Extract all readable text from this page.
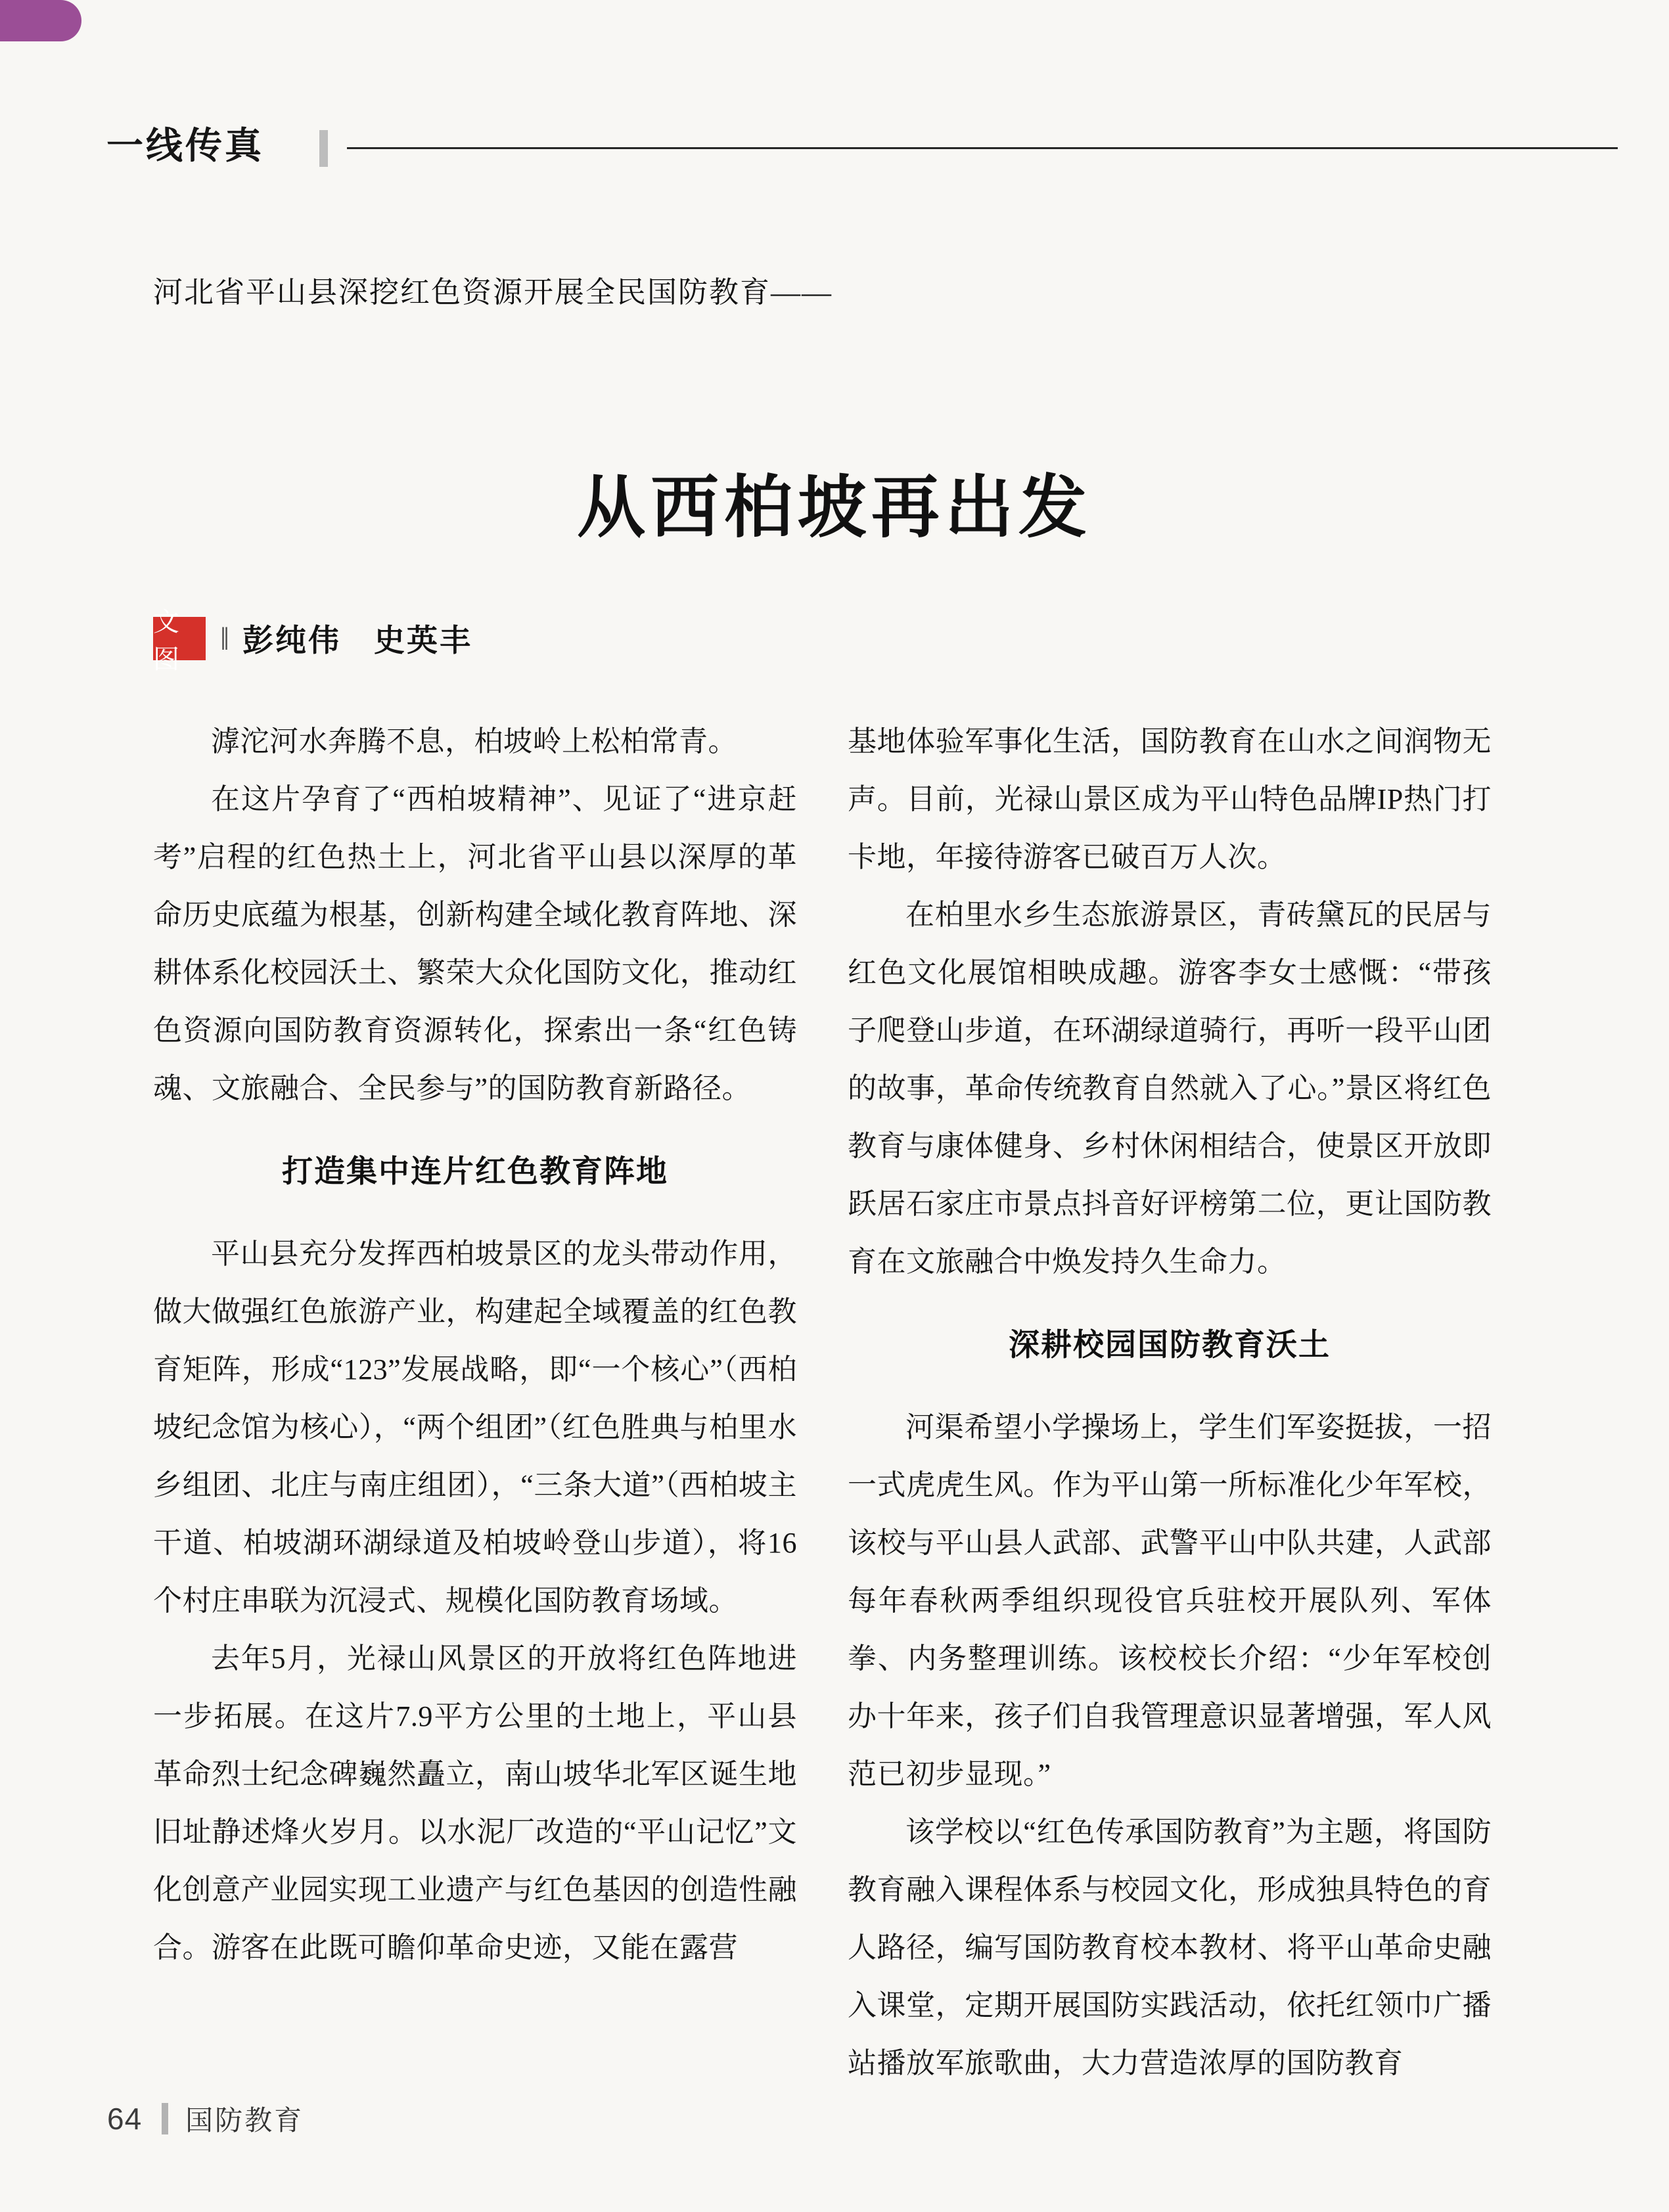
一线传真
河北省平山县深挖红色资源开展全民国防教育——
从西柏坡再出发
文图
‖ 彭纯伟　史英丰

滹沱河水奔腾不息，柏坡岭上松柏常青。

在这片孕育了“西柏坡精神”、见证了“进京赶考”启程的红色热土上，河北省平山县以深厚的革命历史底蕴为根基，创新构建全域化教育阵地、深耕体系化校园沃土、繁荣大众化国防文化，推动红色资源向国防教育资源转化，探索出一条“红色铸魂、文旅融合、全民参与”的国防教育新路径。

打造集中连片红色教育阵地

平山县充分发挥西柏坡景区的龙头带动作用，做大做强红色旅游产业，构建起全域覆盖的红色教育矩阵，形成“123”发展战略，即“一个核心”（西柏坡纪念馆为核心），“两个组团”（红色胜典与柏里水乡组团、北庄与南庄组团），“三条大道”（西柏坡主干道、柏坡湖环湖绿道及柏坡岭登山步道），将16个村庄串联为沉浸式、规模化国防教育场域。

去年5月，光禄山风景区的开放将红色阵地进一步拓展。在这片7.9平方公里的土地上，平山县革命烈士纪念碑巍然矗立，南山坡华北军区诞生地旧址静述烽火岁月。以水泥厂改造的“平山记忆”文化创意产业园实现工业遗产与红色基因的创造性融合。游客在此既可瞻仰革命史迹，又能在露营

基地体验军事化生活，国防教育在山水之间润物无声。目前，光禄山景区成为平山特色品牌IP热门打卡地，年接待游客已破百万人次。

在柏里水乡生态旅游景区，青砖黛瓦的民居与红色文化展馆相映成趣。游客李女士感慨：“带孩子爬登山步道，在环湖绿道骑行，再听一段平山团的故事，革命传统教育自然就入了心。”景区将红色教育与康体健身、乡村休闲相结合，使景区开放即跃居石家庄市景点抖音好评榜第二位，更让国防教育在文旅融合中焕发持久生命力。

深耕校园国防教育沃土

河渠希望小学操场上，学生们军姿挺拔，一招一式虎虎生风。作为平山第一所标准化少年军校，该校与平山县人武部、武警平山中队共建，人武部每年春秋两季组织现役官兵驻校开展队列、军体拳、内务整理训练。该校校长介绍：“少年军校创办十年来，孩子们自我管理意识显著增强，军人风范已初步显现。”

该学校以“红色传承国防教育”为主题，将国防教育融入课程体系与校园文化，形成独具特色的育人路径，编写国防教育校本教材、将平山革命史融入课堂，定期开展国防实践活动，依托红领巾广播站播放军旅歌曲，大力营造浓厚的国防教育

64 国防教育
